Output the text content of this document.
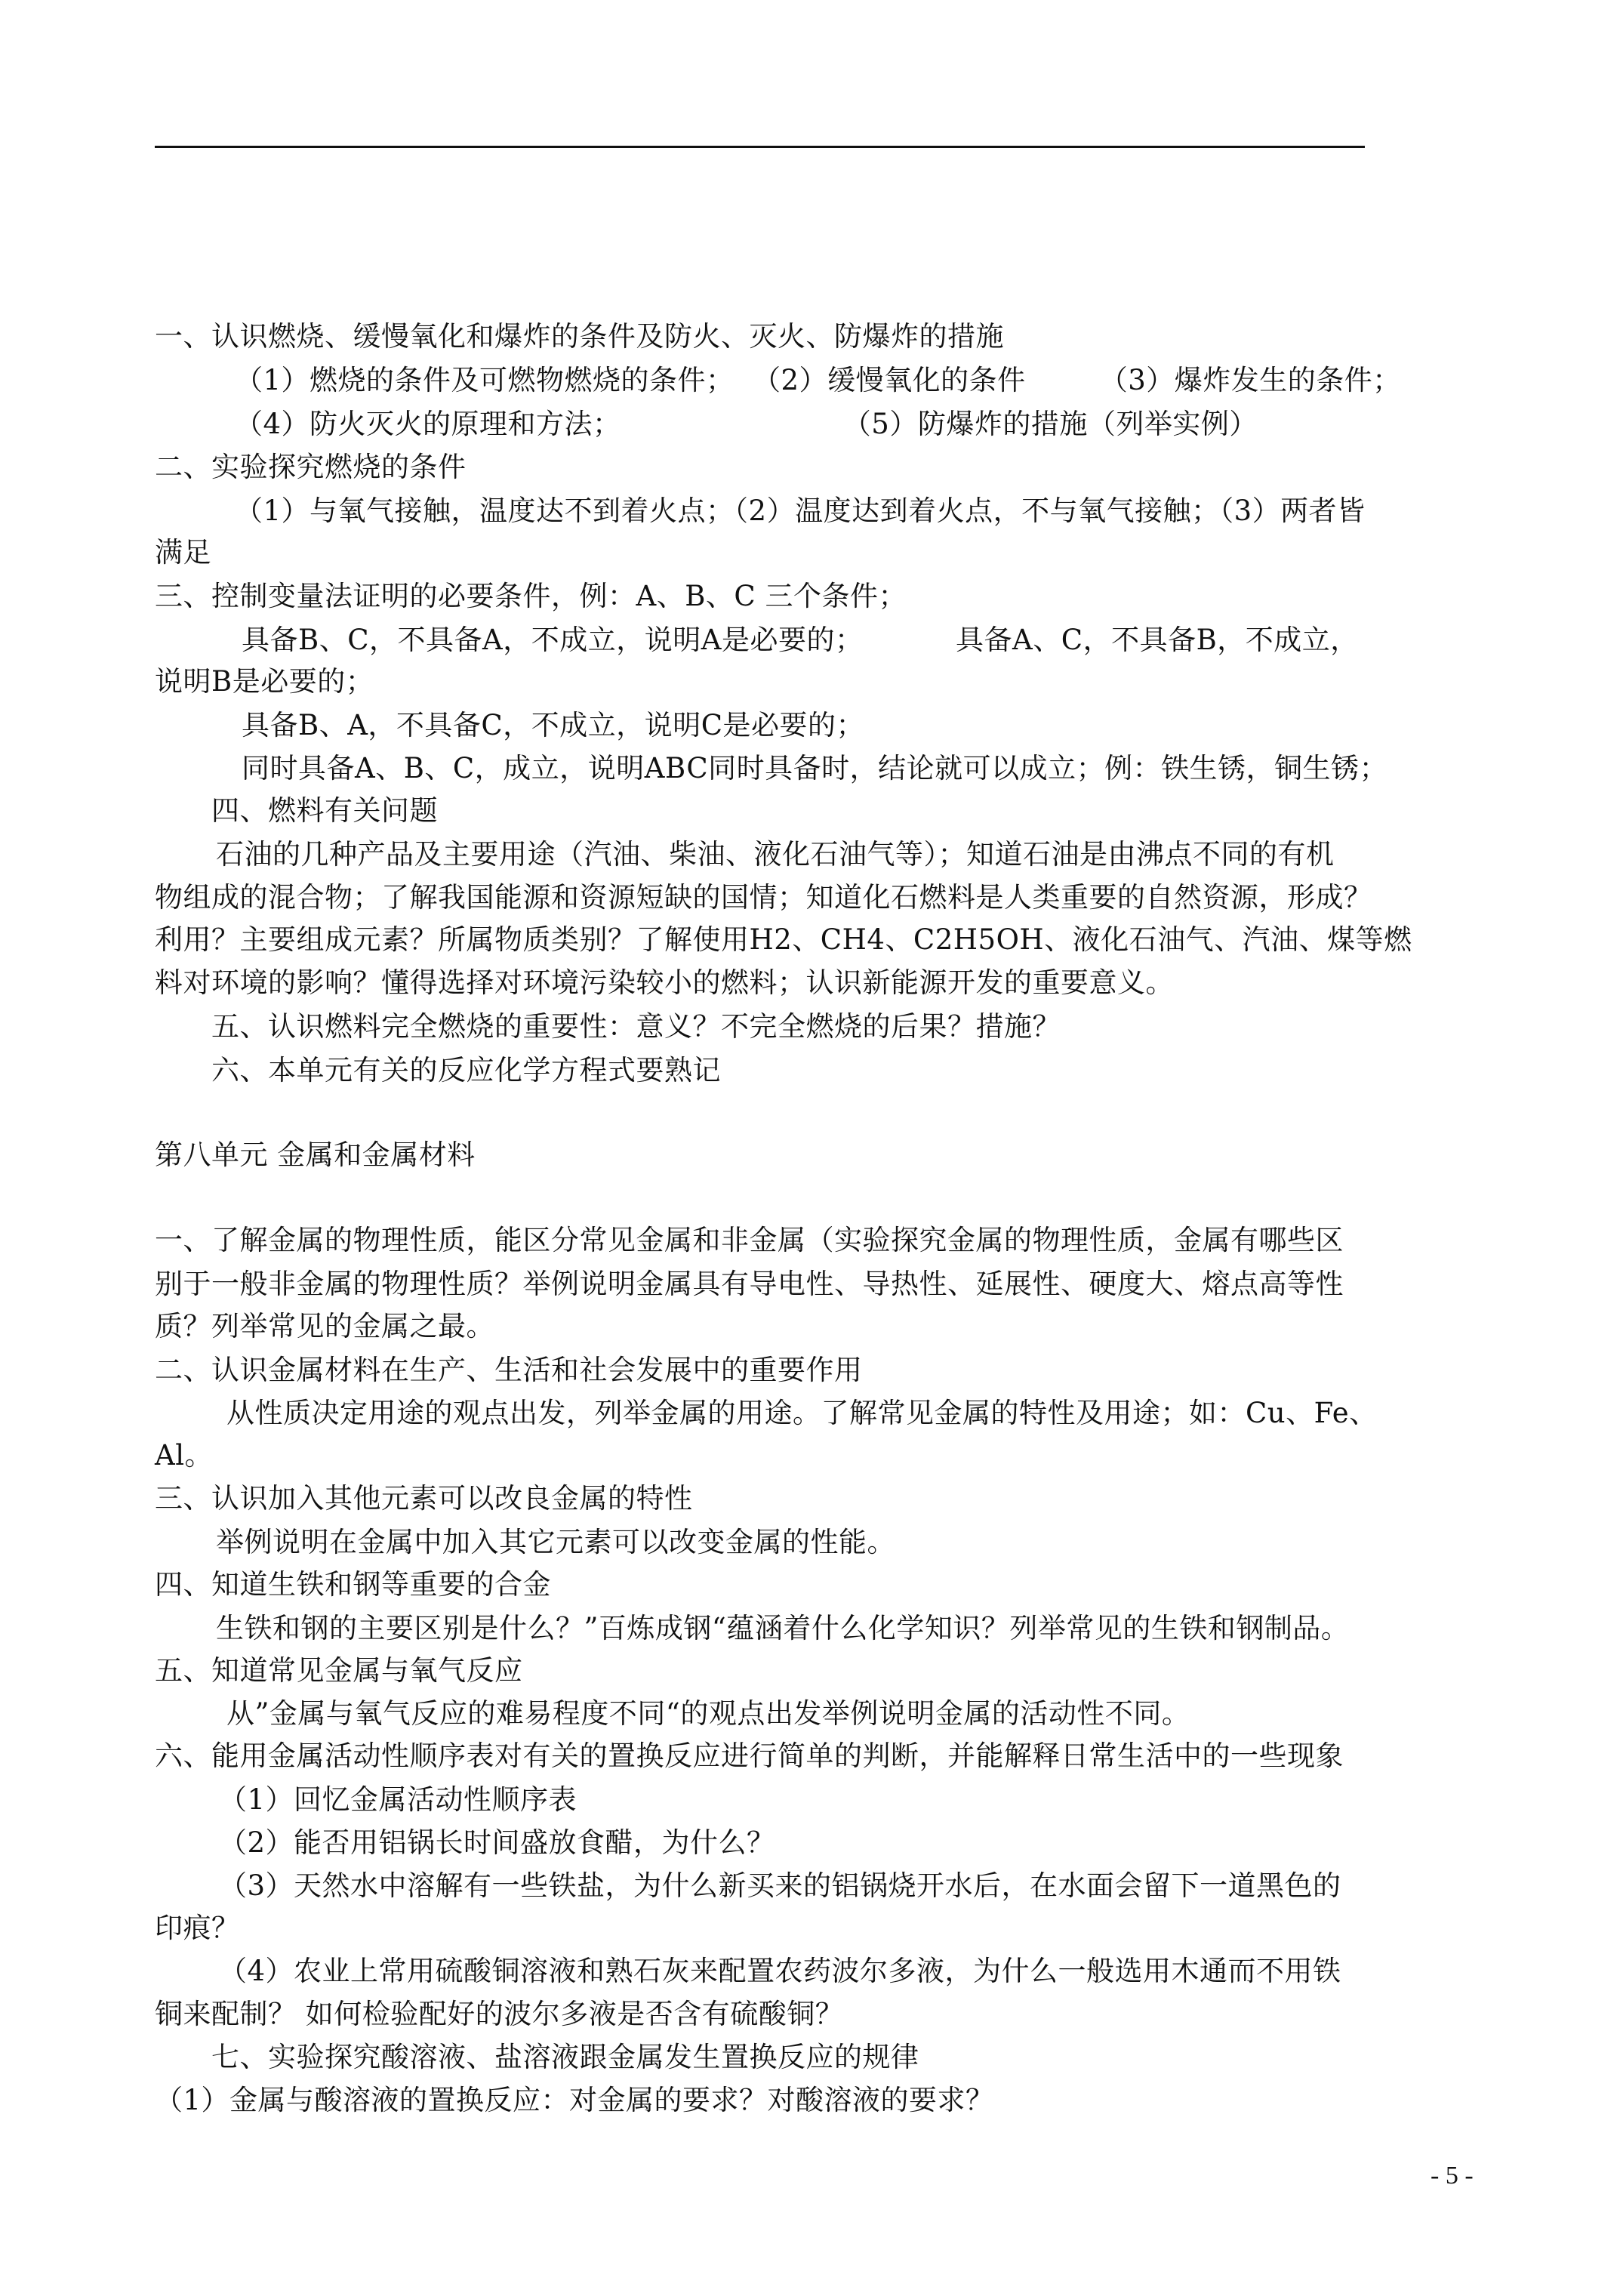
一、认识燃烧、缓慢氧化和爆炸的条件及防火、灭火、防爆炸的措施
（1）燃烧的条件及可燃物燃烧的条件；  （2）缓慢氧化的条件        （3）爆炸发生的条件；
（4）防火灭火的原理和方法；                        （5）防爆炸的措施（列举实例）
二、实验探究燃烧的条件
（1）与氧气接触，温度达不到着火点；（2）温度达到着火点，不与氧气接触；（3）两者皆
满足
三、控制变量法证明的必要条件，例：A、B、C 三个条件；
具备B、C，不具备A，不成立，说明A是必要的；          具备A、C，不具备B，不成立，
说明B是必要的；
具备B、A，不具备C，不成立，说明C是必要的；
同时具备A、B、C，成立，说明ABC同时具备时，结论就可以成立；例：铁生锈，铜生锈；
四、燃料有关问题
石油的几种产品及主要用途（汽油、柴油、液化石油气等）；知道石油是由沸点不同的有机
物组成的混合物；了解我国能源和资源短缺的国情；知道化石燃料是人类重要的自然资源，形成？
利用？主要组成元素？所属物质类别？了解使用H2、CH4、C2H5OH、液化石油气、汽油、煤等燃
料对环境的影响？懂得选择对环境污染较小的燃料；认识新能源开发的重要意义。
五、认识燃料完全燃烧的重要性：意义？不完全燃烧的后果？措施？
六、本单元有关的反应化学方程式要熟记
第八单元 金属和金属材料
一、了解金属的物理性质，能区分常见金属和非金属（实验探究金属的物理性质，金属有哪些区
别于一般非金属的物理性质？举例说明金属具有导电性、导热性、延展性、硬度大、熔点高等性
质？列举常见的金属之最。
二、认识金属材料在生产、生活和社会发展中的重要作用
从性质决定用途的观点出发，列举金属的用途。了解常见金属的特性及用途；如：Cu、Fe、
Al。
三、认识加入其他元素可以改良金属的特性
举例说明在金属中加入其它元素可以改变金属的性能。
四、知道生铁和钢等重要的合金
生铁和钢的主要区别是什么？”百炼成钢“蕴涵着什么化学知识？列举常见的生铁和钢制品。
五、知道常见金属与氧气反应
从”金属与氧气反应的难易程度不同“的观点出发举例说明金属的活动性不同。
六、能用金属活动性顺序表对有关的置换反应进行简单的判断，并能解释日常生活中的一些现象
（1）回忆金属活动性顺序表
（2）能否用铝锅长时间盛放食醋，为什么？
（3）天然水中溶解有一些铁盐，为什么新买来的铝锅烧开水后，在水面会留下一道黑色的
印痕？
（4）农业上常用硫酸铜溶液和熟石灰来配置农药波尔多液，为什么一般选用木通而不用铁
铜来配制？ 如何检验配好的波尔多液是否含有硫酸铜？
七、实验探究酸溶液、盐溶液跟金属发生置换反应的规律
（1）金属与酸溶液的置换反应：对金属的要求？对酸溶液的要求？
- 5 -
